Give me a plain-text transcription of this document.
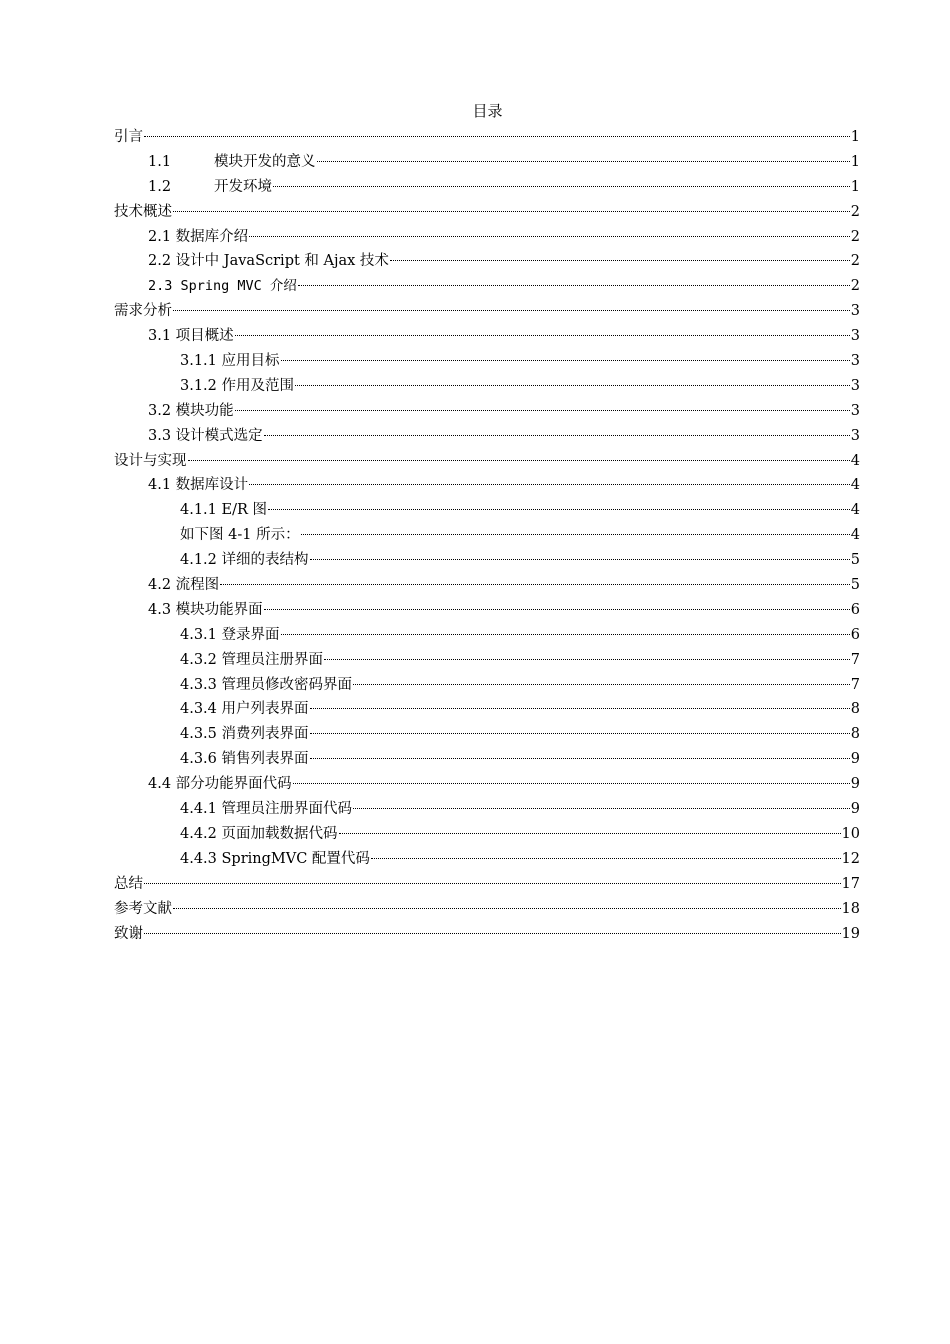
目录
引言	1
1.1	模块开发的意义	1
1.2	开发环境	1
技术概述	2
2.1 数据库介绍	2
2.2 设计中 JavaScript 和 Ajax 技术	2
2.3 Spring MVC 介绍	2
需求分析	3
3.1 项目概述	3
3.1.1 应用目标	3
3.1.2 作用及范围	3
3.2 模块功能	3
3.3 设计模式选定	3
设计与实现	4
4.1 数据库设计	4
4.1.1 E/R 图	4
如下图 4-1 所示：	4
4.1.2 详细的表结构	5
4.2 流程图	5
4.3 模块功能界面	6
4.3.1 登录界面	6
4.3.2 管理员注册界面	7
4.3.3 管理员修改密码界面	7
4.3.4 用户列表界面	8
4.3.5 消费列表界面	8
4.3.6 销售列表界面	9
4.4 部分功能界面代码	9
4.4.1 管理员注册界面代码	9
4.4.2 页面加载数据代码	10
4.4.3 SpringMVC 配置代码	12
总结	17
参考文献	18
致谢	19
